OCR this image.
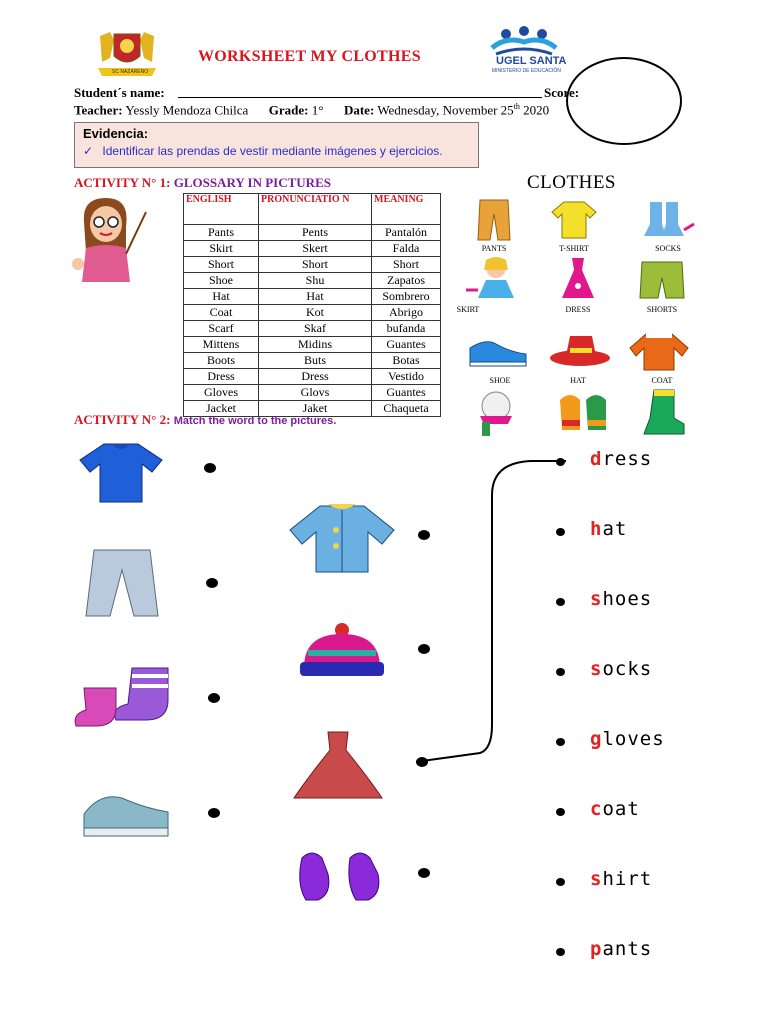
SC NAZARENO
WORKSHEET MY CLOTHES	UGEL SANTA
MINISTERIO DE EDUCACIÓN
Student´s name:	Score:
Teacher: Yessly Mendoza Chilca Grade: 1° Date: Wednesday, November 25th 2020
Evidencia:
✓ Identificar las prendas de vestir mediante imágenes y ejercicios.
ACTIVITY N° 1: GLOSSARY IN PICTURES
ENGLISH	PRONUNCIATIO N	MEANING
Pants	Pents	Pantalón
Skirt	Skert	Falda
Short	Short	Short
Shoe	Shu	Zapatos
Hat	Hat	Sombrero
Coat	Kot	Abrigo
Scarf	Skaf	bufanda
Mittens	Midins	Guantes
Boots	Buts	Botas
Dress	Dress	Vestido
Gloves	Glovs	Guantes
Jacket	Jaket	Chaqueta
CLOTHES
PANTS	T-SHIRT	SOCKS
SKIRT	DRESS	SHORTS
SHOE	HAT	COAT
ACTIVITY N° 2: Match the word to the pictures.
dress
hat
shoes
socks
gloves
coat
shirt
pants
